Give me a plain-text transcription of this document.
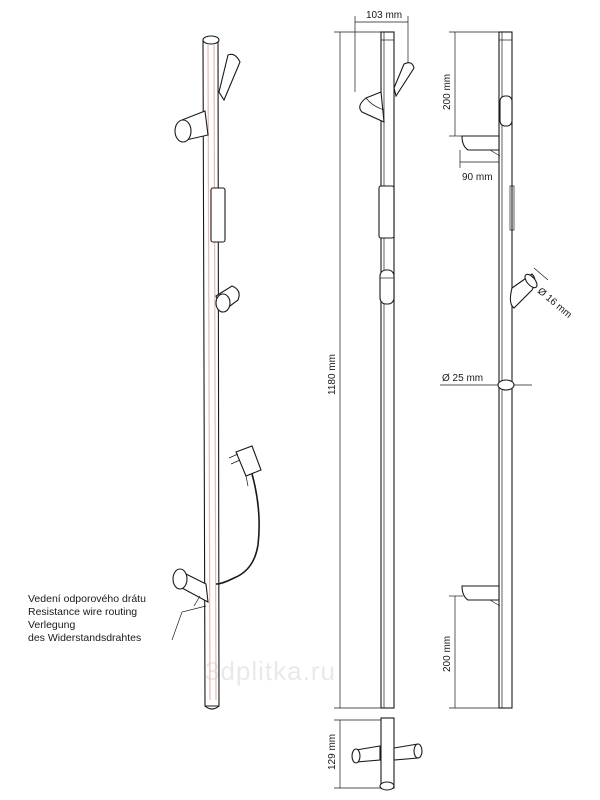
3dplitka.ru
Vedení odporového drátu
Resistance wire routing
Verlegung
des Widerstandsdrahtes
103 mm
1180 mm
129 mm
200 mm
90 mm
Ø 16 mm
Ø 25 mm
200 mm
